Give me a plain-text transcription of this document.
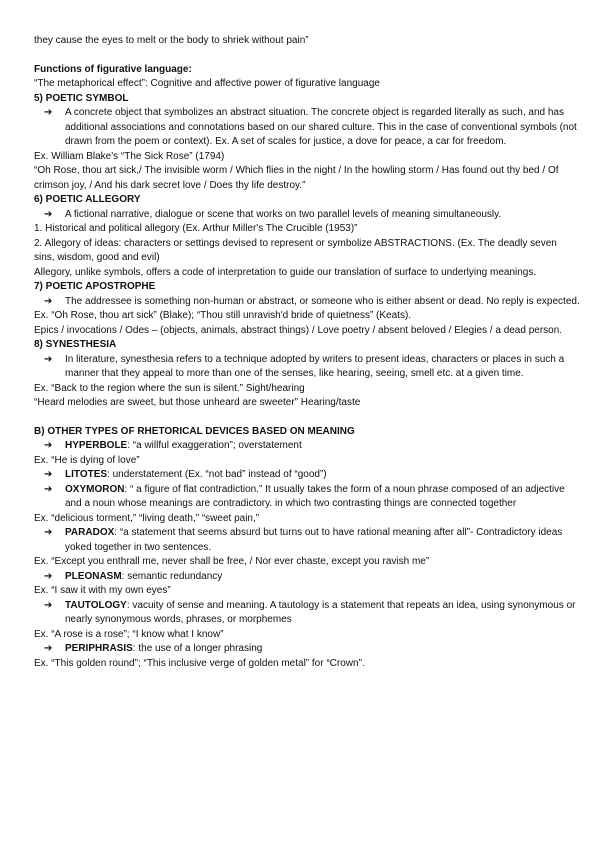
they cause the eyes to melt or the body to shriek without pain”
Functions of figurative language:
“The metaphorical effect”: Cognitive and affective power of figurative language
5) POETIC SYMBOL
➔	A concrete object that symbolizes an abstract situation. The concrete object is regarded literally as such, and has additional associations and connotations based on our shared culture. This in the case of conventional symbols (not drawn from the poem or context). Ex. A set of scales for justice, a dove for peace, a car for freedom.
Ex. William Blake's “The Sick Rose” (1794)
“Oh Rose, thou art sick,/ The invisible worm / Which flies in the night / In the howling storm / Has found out thy bed / Of crimson joy, / And his dark secret love / Does thy life destroy.”
6) POETIC ALLEGORY
➔	A fictional narrative, dialogue or scene that works on two parallel levels of meaning simultaneously.
1. Historical and political allegory (Ex. Arthur Miller's The Crucible (1953)”
2. Allegory of ideas: characters or settings devised to represent or symbolize ABSTRACTIONS. (Ex. The deadly seven sins, wisdom, good and evil)
Allegory, unlike symbols, offers a code of interpretation to guide our translation of surface to underlying meanings.
7) POETIC APOSTROPHE
➔	The addressee is something non-human or abstract, or someone who is either absent or dead. No reply is expected.
Ex. “Oh Rose, thou art sick” (Blake); “Thou still unravish'd bride of quietness” (Keats).
Epics / invocations / Odes – (objects, animals, abstract things) / Love poetry / absent beloved / Elegies / a dead person.
8) SYNESTHESIA
➔	In literature, synesthesia refers to a technique adopted by writers to present ideas, characters or places in such a manner that they appeal to more than one of the senses, like hearing, seeing, smell etc. at a given time.
Ex. “Back to the region where the sun is silent.” Sight/hearing
“Heard melodies are sweet, but those unheard are sweeter” Hearing/taste
B) OTHER TYPES OF RHETORICAL DEVICES BASED ON MEANING
➔	HYPERBOLE: “a willful exaggeration”; overstatement
Ex. “He is dying of love”
➔	LITOTES: understatement (Ex. “not bad” instead of “good”)
➔	OXYMORON: “ a figure of flat contradiction.” It usually takes the form of a noun phrase composed of an adjective and a noun whose meanings are contradictory. in which two contrasting things are connected together
Ex. “delicious torment,” “living death,” “sweet pain,”
➔	PARADOX: “a statement that seems absurd but turns out to have rational meaning after all”- Contradictory ideas yoked together in two sentences.
Ex. “Except you enthrall me, never shall be free, / Nor ever chaste, except you ravish me”
➔	PLEONASM: semantic redundancy
Ex. “I saw it with my own eyes”
➔	TAUTOLOGY: vacuity of sense and meaning. A tautology is a statement that repeats an idea, using synonymous or nearly synonymous words, phrases, or morphemes
Ex. “A rose is a rose”; “I know what I know”
➔	PERIPHRASIS: the use of a longer phrasing
Ex. “This golden round”; “This inclusive verge of golden metal” for “Crown”.
